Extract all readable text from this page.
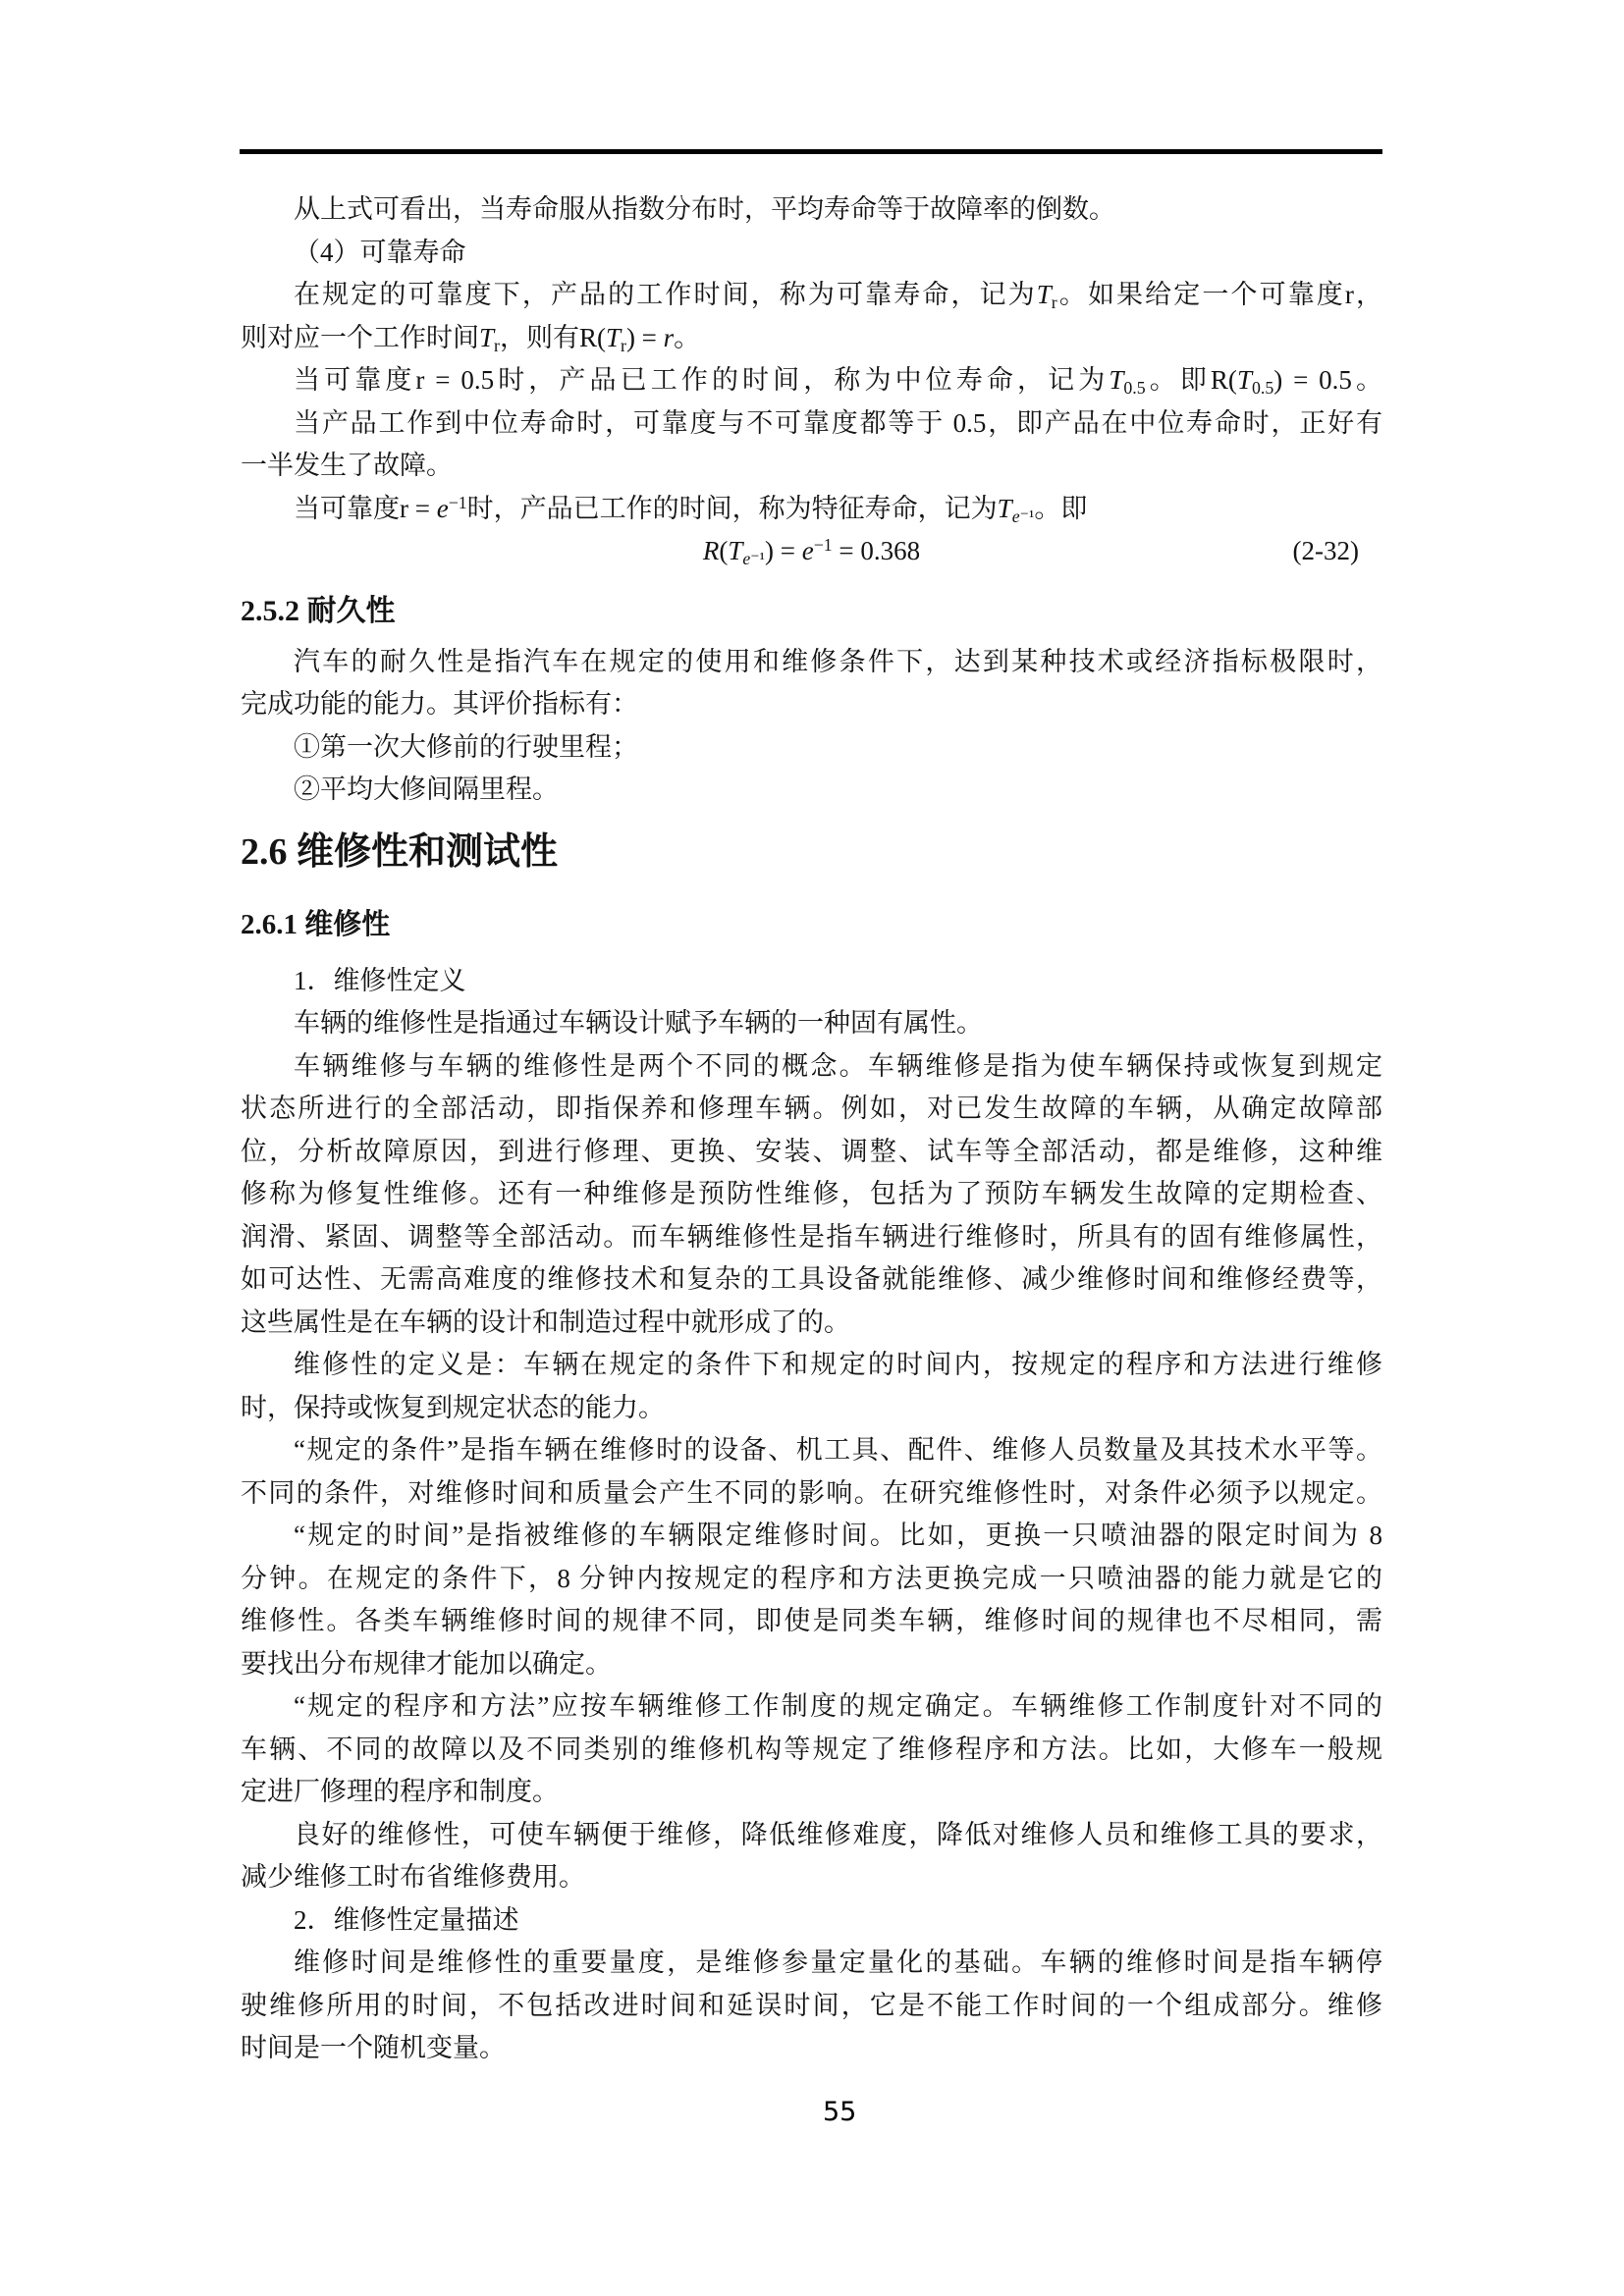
从上式可看出，当寿命服从指数分布时，平均寿命等于故障率的倒数。
（4）可靠寿命
在规定的可靠度下，产品的工作时间，称为可靠寿命，记为$T_r$。如果给定一个可靠度r，
则对应一个工作时间$T_r$，则有$R(T_r) = r$。
当可靠度r = 0.5时，产品已工作的时间，称为中位寿命，记为$T_{0.5}$。即$R(T_{0.5}) = 0.5$。
当产品工作到中位寿命时，可靠度与不可靠度都等于 0.5，即产品在中位寿命时，正好有
一半发生了故障。
当可靠度$r = e^{-1}$时，产品已工作的时间，称为特征寿命，记为$T_{e^{-1}}$。即
$R(T_{e^{-1}}) = e^{-1} = 0.368$	(2-32)
2.5.2 耐久性
汽车的耐久性是指汽车在规定的使用和维修条件下，达到某种技术或经济指标极限时，
完成功能的能力。其评价指标有：
①第一次大修前的行驶里程；
②平均大修间隔里程。
2.6 维修性和测试性
2.6.1 维修性
1．维修性定义
车辆的维修性是指通过车辆设计赋予车辆的一种固有属性。
车辆维修与车辆的维修性是两个不同的概念。车辆维修是指为使车辆保持或恢复到规定
状态所进行的全部活动，即指保养和修理车辆。例如，对已发生故障的车辆，从确定故障部
位，分析故障原因，到进行修理、更换、安装、调整、试车等全部活动，都是维修，这种维
修称为修复性维修。还有一种维修是预防性维修，包括为了预防车辆发生故障的定期检查、
润滑、紧固、调整等全部活动。而车辆维修性是指车辆进行维修时，所具有的固有维修属性，
如可达性、无需高难度的维修技术和复杂的工具设备就能维修、减少维修时间和维修经费等，
这些属性是在车辆的设计和制造过程中就形成了的。
维修性的定义是：车辆在规定的条件下和规定的时间内，按规定的程序和方法进行维修
时，保持或恢复到规定状态的能力。
“规定的条件”是指车辆在维修时的设备、机工具、配件、维修人员数量及其技术水平等。
不同的条件，对维修时间和质量会产生不同的影响。在研究维修性时，对条件必须予以规定。
“规定的时间”是指被维修的车辆限定维修时间。比如，更换一只喷油器的限定时间为 8
分钟。在规定的条件下，8 分钟内按规定的程序和方法更换完成一只喷油器的能力就是它的
维修性。各类车辆维修时间的规律不同，即使是同类车辆，维修时间的规律也不尽相同，需
要找出分布规律才能加以确定。
“规定的程序和方法”应按车辆维修工作制度的规定确定。车辆维修工作制度针对不同的
车辆、不同的故障以及不同类别的维修机构等规定了维修程序和方法。比如，大修车一般规
定进厂修理的程序和制度。
良好的维修性，可使车辆便于维修，降低维修难度，降低对维修人员和维修工具的要求，
减少维修工时布省维修费用。
2．维修性定量描述
维修时间是维修性的重要量度，是维修参量定量化的基础。车辆的维修时间是指车辆停
驶维修所用的时间，不包括改进时间和延误时间，它是不能工作时间的一个组成部分。维修
时间是一个随机变量。
55
